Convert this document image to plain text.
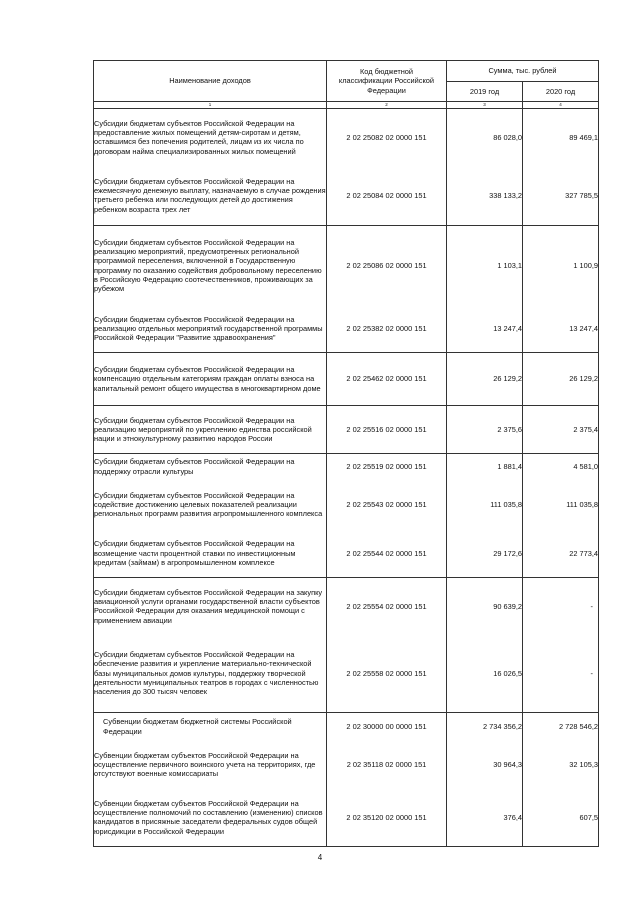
Наименование доходов	Код бюджетной классификации Российской Федерации	Сумма, тыс. рублей	
		2019 год	2020 год
1	2	3	4
Субсидии бюджетам субъектов Российской Федерации на предоставление жилых помещений детям-сиротам и детям, оставшимся без попечения родителей, лицам из их числа по договорам найма специализированных жилых помещений	2 02 25082 02 0000 151	86 028,0	89 469,1
Субсидии бюджетам субъектов Российской Федерации на ежемесячную денежную выплату, назначаемую в случае рождения третьего ребенка или последующих детей до достижения ребенком возраста трех лет	2 02 25084 02 0000 151	338 133,2	327 785,5
Субсидии бюджетам субъектов Российской Федерации на реализацию мероприятий, предусмотренных региональной программой переселения, включенной в Государственную программу по оказанию содействия добровольному переселению в Российскую Федерацию соотечественников, проживающих за рубежом	2 02 25086 02 0000 151	1 103,1	1 100,9
Субсидии бюджетам субъектов Российской Федерации на реализацию отдельных мероприятий государственной программы Российской Федерации "Развитие здравоохранения"	2 02 25382 02 0000 151	13 247,4	13 247,4
Субсидии бюджетам субъектов Российской Федерации на компенсацию отдельным категориям граждан оплаты взноса на капитальный ремонт общего имущества в многоквартирном доме	2 02 25462 02 0000 151	26 129,2	26 129,2
Субсидии бюджетам субъектов Российской Федерации на реализацию мероприятий по укреплению единства российской нации и этнокультурному развитию народов России	2 02 25516 02 0000 151	2 375,6	2 375,4
Субсидии бюджетам субъектов Российской Федерации на поддержку отрасли культуры	2 02 25519 02 0000 151	1 881,4	4 581,0
Субсидии бюджетам субъектов Российской Федерации на содействие достижению целевых показателей реализации региональных программ развития агропромышленного комплекса	2 02 25543 02 0000 151	111 035,8	111 035,8
Субсидии бюджетам субъектов Российской Федерации на возмещение части процентной ставки по инвестиционным кредитам (займам) в агропромышленном комплексе	2 02 25544 02 0000 151	29 172,6	22 773,4
Субсидии бюджетам субъектов Российской Федерации на закупку авиационной услуги органами государственной власти субъектов Российской Федерации для оказания медицинской помощи с применением авиации	2 02 25554 02 0000 151	90 639,2	-
Субсидии бюджетам субъектов Российской Федерации на обеспечение развития и укрепление материально-технической базы муниципальных домов культуры, поддержку творческой деятельности муниципальных театров в городах с численностью населения до 300 тысяч человек	2 02 25558 02 0000 151	16 026,5	-
Субвенции бюджетам бюджетной системы Российской Федерации	2 02 30000 00 0000 151	2 734 356,2	2 728 546,2
Субвенции бюджетам субъектов Российской Федерации на осуществление первичного воинского учета на территориях, где отсутствуют военные комиссариаты	2 02 35118 02 0000 151	30 964,3	32 105,3
Субвенции бюджетам субъектов Российской Федерации на осуществление полномочий по составлению (изменению) списков кандидатов в присяжные заседатели федеральных судов общей юрисдикции в Российской Федерации	2 02 35120 02 0000 151	376,4	607,5
4
